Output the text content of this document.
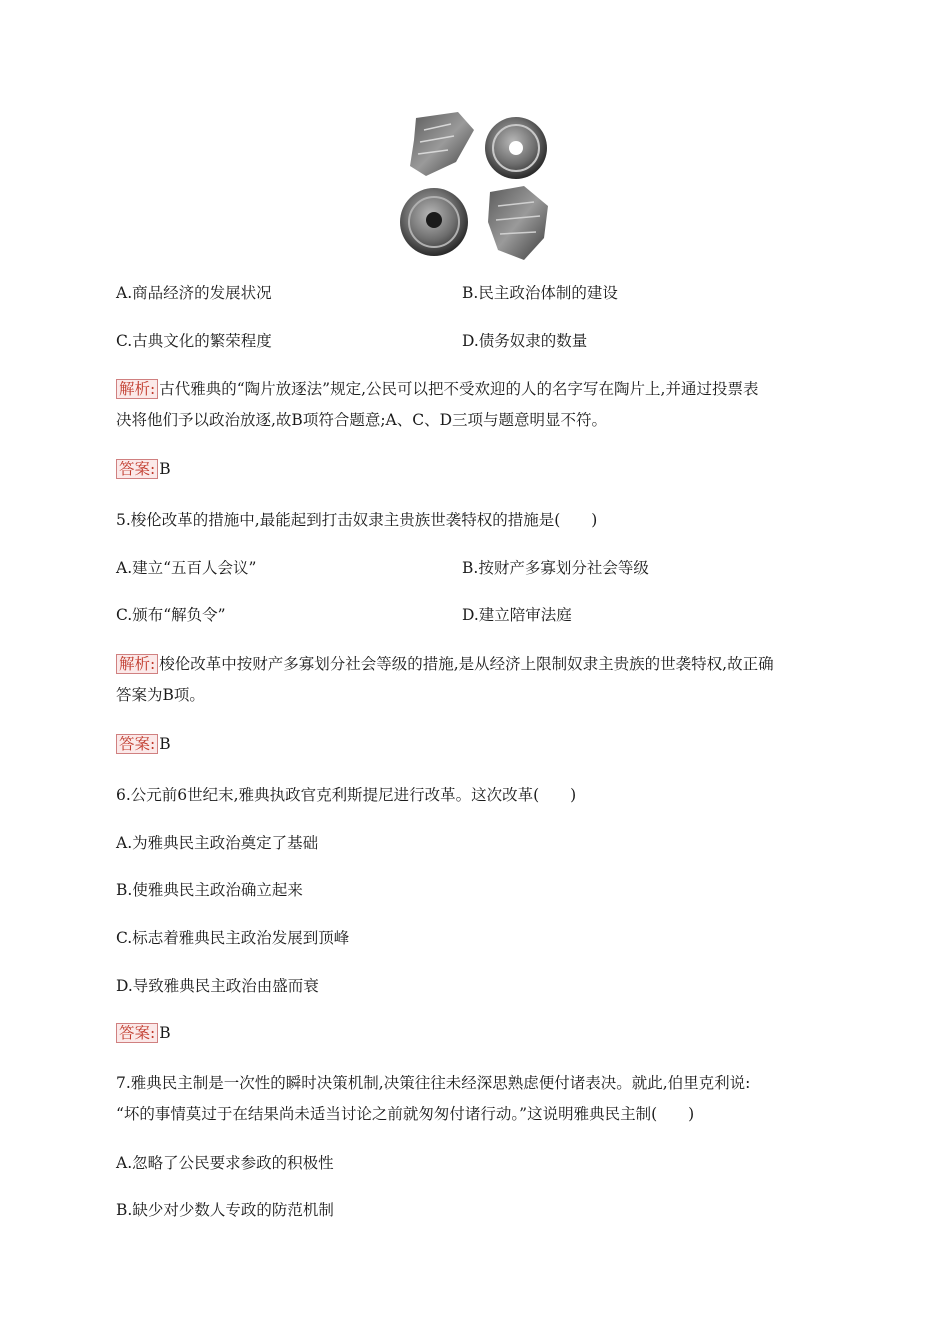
A.商品经济的发展状况	B.民主政治体制的建设
C.古典文化的繁荣程度	D.债务奴隶的数量
解析: 古代雅典的“陶片放逐法”规定,公民可以把不受欢迎的人的名字写在陶片上,并通过投票表
决将他们予以政治放逐,故B项符合题意;A、C、D三项与题意明显不符。
答案: B
5.梭伦改革的措施中,最能起到打击奴隶主贵族世袭特权的措施是(　　)
A.建立“五百人会议”	B.按财产多寡划分社会等级
C.颁布“解负令”	D.建立陪审法庭
解析: 梭伦改革中按财产多寡划分社会等级的措施,是从经济上限制奴隶主贵族的世袭特权,故正确
答案为B项。
答案: B
6.公元前6世纪末,雅典执政官克利斯提尼进行改革。这次改革(　　)
A.为雅典民主政治奠定了基础
B.使雅典民主政治确立起来
C.标志着雅典民主政治发展到顶峰
D.导致雅典民主政治由盛而衰
答案: B
7.雅典民主制是一次性的瞬时决策机制,决策往往未经深思熟虑便付诸表决。就此,伯里克利说:
“坏的事情莫过于在结果尚未适当讨论之前就匆匆付诸行动。”这说明雅典民主制(　　)
A.忽略了公民要求参政的积极性
B.缺少对少数人专政的防范机制
